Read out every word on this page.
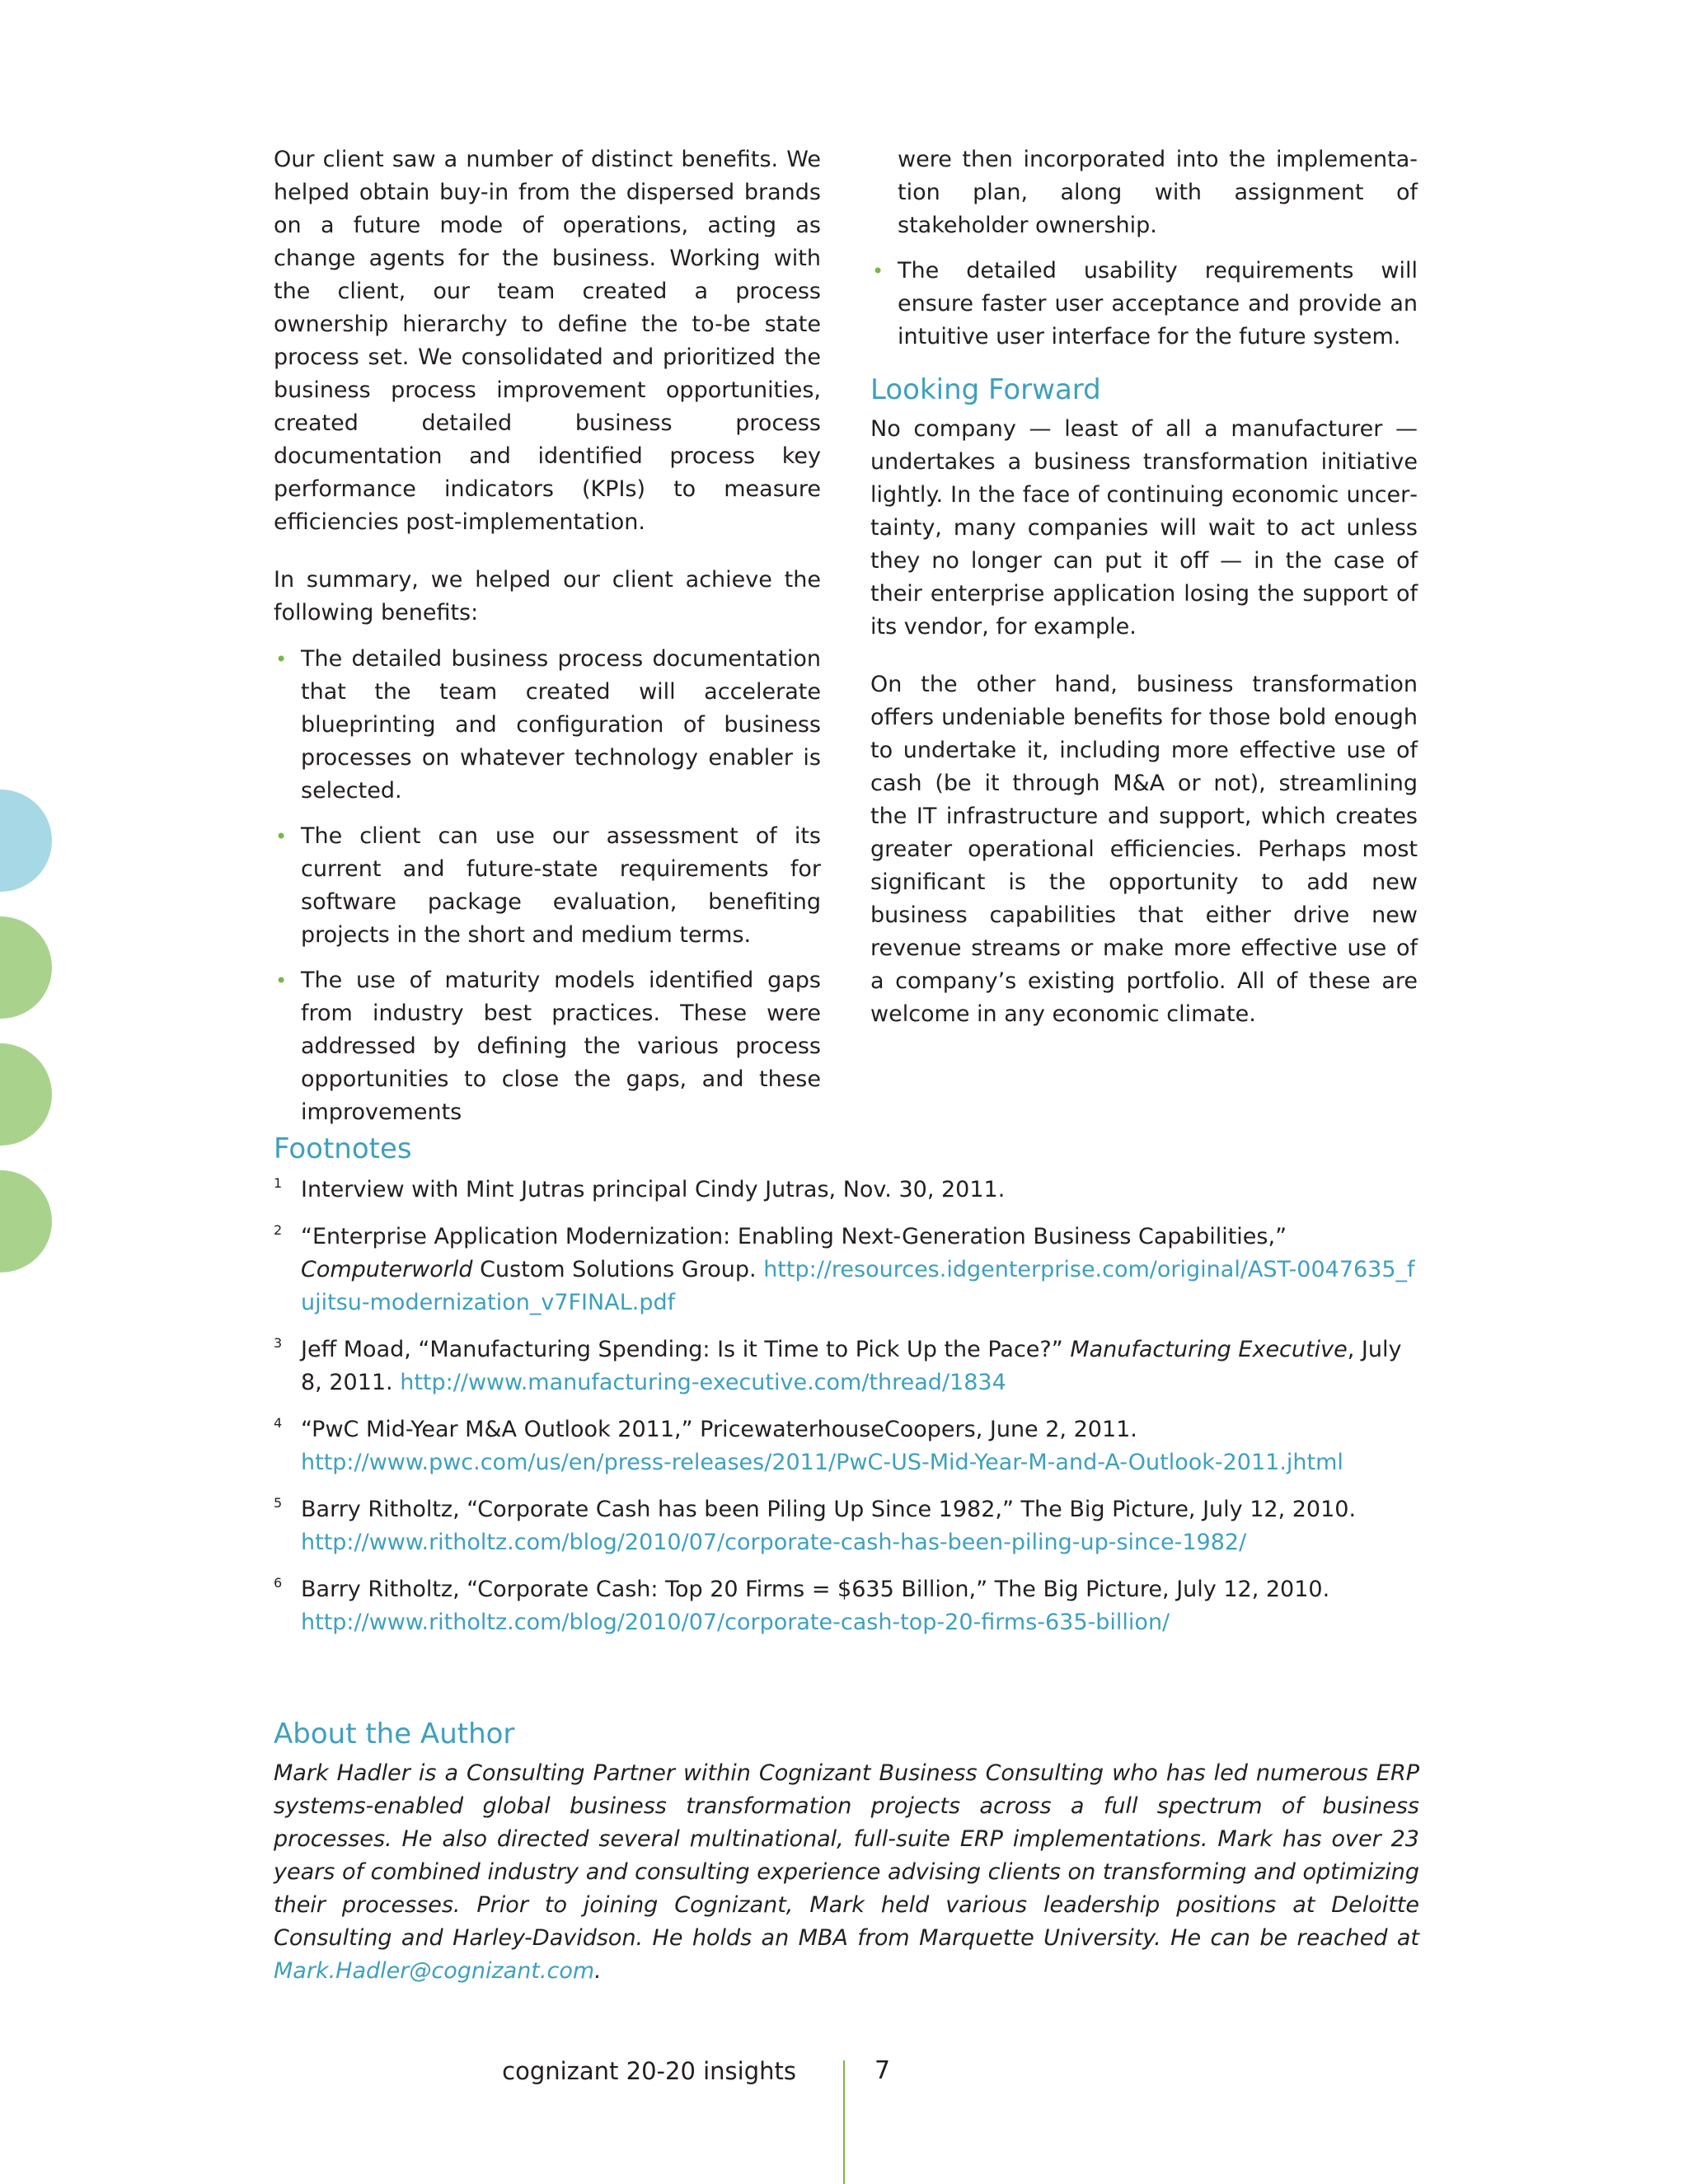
Our client saw a number of distinct benefits. We helped obtain buy-in from the dispersed brands on a future mode of operations, acting as change agents for the business. Working with the client, our team created a process ownership hierarchy to define the to-be state process set. We consolidated and prioritized the business process improvement opportunities, created detailed business process documentation and identified process key performance indicators (KPIs) to measure efficiencies post-implementation.

In summary, we helped our client achieve the following benefits:

• The detailed business process documentation that the team created will accelerate blueprinting and configuration of business processes on whatever technology enabler is selected.
• The client can use our assessment of its current and future-state requirements for software package evaluation, benefiting projects in the short and medium terms.
• The use of maturity models identified gaps from industry best practices. These were addressed by defining the various process opportunities to close the gaps, and these improvements

were then incorporated into the implementation plan, along with assignment of stakeholder ownership.

• The detailed usability requirements will ensure faster user acceptance and provide an intuitive user interface for the future system.
Looking Forward

No company — least of all a manufacturer — undertakes a business transformation initiative lightly. In the face of continuing economic uncertainty, many companies will wait to act unless they no longer can put it off — in the case of their enterprise application losing the support of its vendor, for example.

On the other hand, business transformation offers undeniable benefits for those bold enough to undertake it, including more effective use of cash (be it through M&A or not), streamlining the IT infrastructure and support, which creates greater operational efficiencies. Perhaps most significant is the opportunity to add new business capabilities that either drive new revenue streams or make more effective use of a company’s existing portfolio. All of these are welcome in any economic climate.

Footnotes
1 Interview with Mint Jutras principal Cindy Jutras, Nov. 30, 2011.
2 “Enterprise Application Modernization: Enabling Next-Generation Business Capabilities,”
Computerworld Custom Solutions Group. http://resources.idgenterprise.com/original/AST-0047635_fujitsu-modernization_v7FINAL.pdf
3 Jeff Moad, “Manufacturing Spending: Is it Time to Pick Up the Pace?” Manufacturing Executive, July 8, 2011. http://www.manufacturing-executive.com/thread/1834
4 “PwC Mid-Year M&A Outlook 2011,” PricewaterhouseCoopers, June 2, 2011.
http://www.pwc.com/us/en/press-releases/2011/PwC-US-Mid-Year-M-and-A-Outlook-2011.jhtml
5 Barry Ritholtz, “Corporate Cash has been Piling Up Since 1982,” The Big Picture, July 12, 2010.
http://www.ritholtz.com/blog/2010/07/corporate-cash-has-been-piling-up-since-1982/
6 Barry Ritholtz, “Corporate Cash: Top 20 Firms = $635 Billion,” The Big Picture, July 12, 2010.
http://www.ritholtz.com/blog/2010/07/corporate-cash-top-20-firms-635-billion/
About the Author

Mark Hadler is a Consulting Partner within Cognizant Business Consulting who has led numerous ERP systems-enabled global business transformation projects across a full spectrum of business processes. He also directed several multinational, full-suite ERP implementations. Mark has over 23 years of combined industry and consulting experience advising clients on transforming and optimizing their processes. Prior to joining Cognizant, Mark held various leadership positions at Deloitte Consulting and Harley-Davidson. He holds an MBA from Marquette University. He can be reached at Mark.Hadler@cognizant.com.

cognizant 20-20 insights	7
